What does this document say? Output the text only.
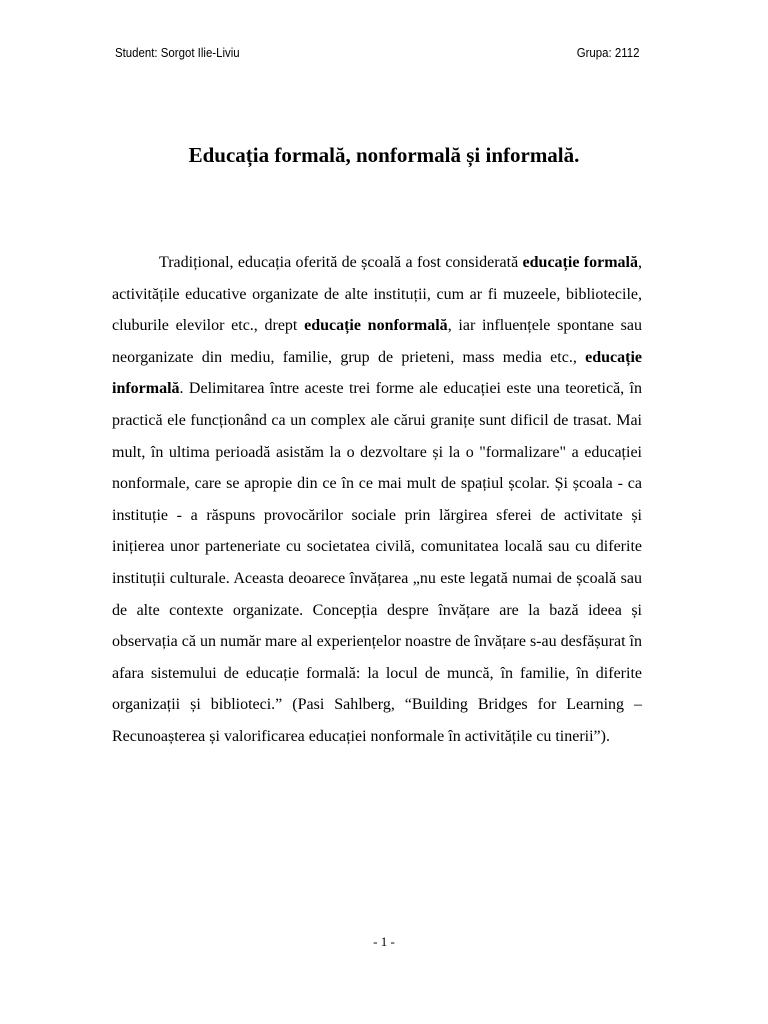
Student: Sorgot Ilie-Liviu	Grupa: 2112
Educația formală, nonformală și informală.

Tradițional, educația oferită de școală a fost considerată educație formală, activitățile educative organizate de alte instituții, cum ar fi muzeele, bibliotecile, cluburile elevilor etc., drept educație nonformală, iar influențele spontane sau neorganizate din mediu, familie, grup de prieteni, mass media etc., educație informală. Delimitarea între aceste trei forme ale educației este una teoretică, în practică ele funcționând ca un complex ale cărui granițe sunt dificil de trasat. Mai mult, în ultima perioadă asistăm la o dezvoltare și la o "formalizare" a educației nonformale, care se apropie din ce în ce mai mult de spațiul școlar. Și școala - ca instituție - a răspuns provocărilor sociale prin lărgirea sferei de activitate și inițierea unor parteneriate cu societatea civilă, comunitatea locală sau cu diferite instituții culturale. Aceasta deoarece învățarea „nu este legată numai de școală sau de alte contexte organizate. Concepția despre învățare are la bază ideea și observația că un număr mare al experiențelor noastre de învățare s-au desfășurat în afara sistemului de educație formală: la locul de muncă, în familie, în diferite organizații și biblioteci.” (Pasi Sahlberg, “Building Bridges for Learning – Recunoașterea și valorificarea educației nonformale în activitățile cu tinerii”).

- 1 -
